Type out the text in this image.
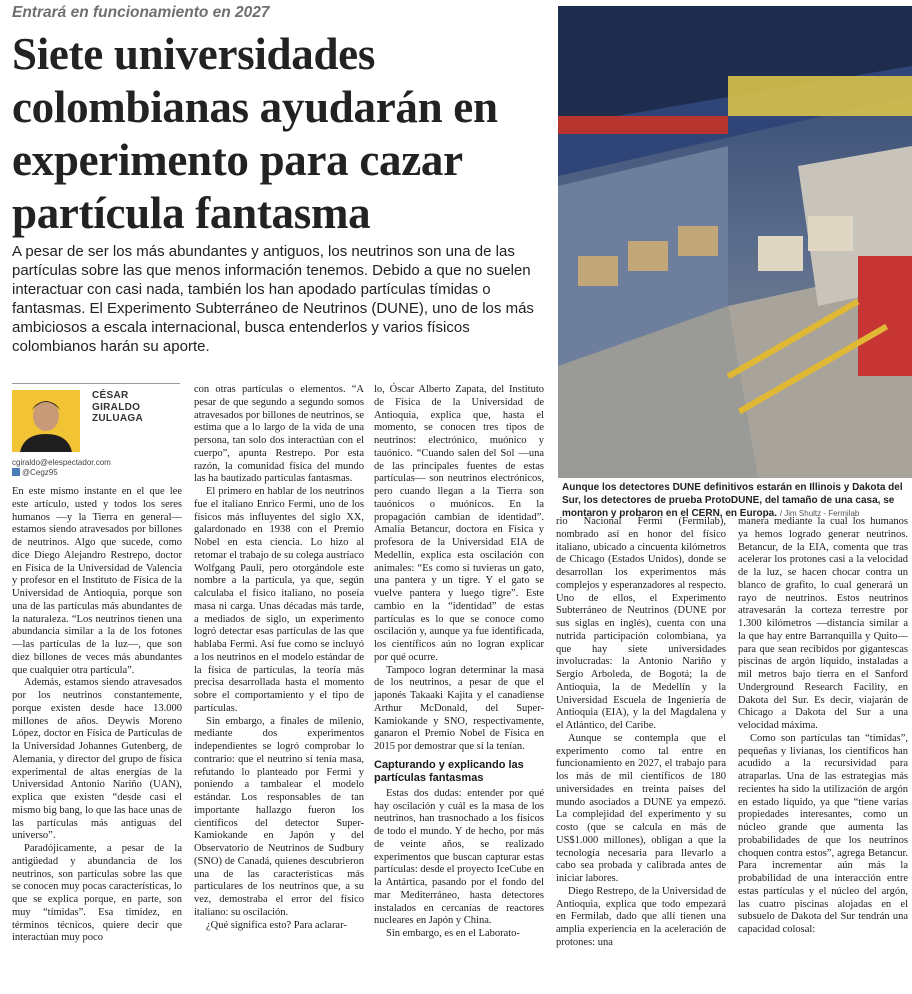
Entrará en funcionamiento en 2027
Siete universidades colombianas ayudarán en experimento para cazar partícula fantasma

A pesar de ser los más abundantes y antiguos, los neutrinos son una de las partículas sobre las que menos información tenemos. Debido a que no suelen interactuar con casi nada, también los han apodado partículas tímidas o fantasmas. El Experimento Subterráneo de Neutrinos (DUNE), uno de los más ambiciosos a escala internacional, busca entenderlos y varios físicos colombianos harán su aporte.

Aunque los detectores DUNE definitivos estarán en Illinois y Dakota del Sur, los detectores de prueba ProtoDUNE, del tamaño de una casa, se montaron y probaron en el CERN, en Europa. / Jim Shultz - Fermilab

CÉSAR GIRALDO ZULUAGA

cgiraldo@elespectador.com
@Cegz95

En este mismo instante en el que lee este artículo, usted y todos los seres humanos —y la Tierra en general— estamos siendo atravesados por billones de neutrinos. Algo que sucede, como dice Diego Alejandro Restrepo, doctor en Física de la Universidad de Valencia y profesor en el Instituto de Física de la Universidad de Antioquia, porque son una de las partículas más abundantes de la naturaleza. “Los neutrinos tienen una abundancia similar a la de los fotones —las partículas de la luz—, que son diez billones de veces más abundantes que cualquier otra partícula”.

Además, estamos siendo atravesados por los neutrinos constantemente, porque existen desde hace 13.000 millones de años. Deywis Moreno López, doctor en Física de Partículas de la Universidad Johannes Gutenberg, de Alemania, y director del grupo de física experimental de altas energías de la Universidad Antonio Nariño (UAN), explica que existen “desde casi el mismo big bang, lo que las hace unas de las partículas más antiguas del universo”.

Paradójicamente, a pesar de la antigüedad y abundancia de los neutrinos, son partículas sobre las que se conocen muy pocas características, lo que se explica porque, en parte, son muy “tímidas”. Esa timidez, en términos técnicos, quiere decir que interactúan muy poco

con otras partículas o elementos. “A pesar de que segundo a segundo somos atravesados por billones de neutrinos, se estima que a lo largo de la vida de una persona, tan solo dos interactúan con el cuerpo”, apunta Restrepo. Por esta razón, la comunidad física del mundo las ha bautizado partículas fantasmas.

El primero en hablar de los neutrinos fue el italiano Enrico Fermi, uno de los físicos más influyentes del siglo XX, galardonado en 1938 con el Premio Nobel en esta ciencia. Lo hizo al retomar el trabajo de su colega austríaco Wolfgang Pauli, pero otorgándole este nombre a la partícula, ya que, según calculaba el físico italiano, no poseía masa ni carga. Unas décadas más tarde, a mediados de siglo, un experimento logró detectar esas partículas de las que hablaba Fermi. Así fue como se incluyó a los neutrinos en el modelo estándar de la física de partículas, la teoría más precisa desarrollada hasta el momento sobre el comportamiento y el tipo de partículas.

Sin embargo, a finales de milenio, mediante dos experimentos independientes se logró comprobar lo contrario: que el neutrino sí tenía masa, refutando lo planteado por Fermi y poniendo a tambalear el modelo estándar. Los responsables de tan importante hallazgo fueron los científicos del detector Super-Kamiokande en Japón y del Observatorio de Neutrinos de Sudbury (SNO) de Canadá, quienes descubrieron una de las características más particulares de los neutrinos que, a su vez, demostraba el error del físico italiano: su oscilación.

¿Qué significa esto? Para aclarar-

lo, Óscar Alberto Zapata, del Instituto de Física de la Universidad de Antioquia, explica que, hasta el momento, se conocen tres tipos de neutrinos: electrónico, muónico y tauónico. “Cuando salen del Sol —una de las principales fuentes de estas partículas— son neutrinos electrónicos, pero cuando llegan a la Tierra son tauónicos o muónicos. En la propagación cambian de identidad”. Amalia Betancur, doctora en Física y profesora de la Universidad EIA de Medellín, explica esta oscilación con animales: “Es como si tuvieras un gato, una pantera y un tigre. Y el gato se vuelve pantera y luego tigre”. Este cambio en la “identidad” de estas partículas es lo que se conoce como oscilación y, aunque ya fue identificada, los científicos aún no logran explicar por qué ocurre.

Tampoco logran determinar la masa de los neutrinos, a pesar de que el japonés Takaaki Kajita y el canadiense Arthur McDonald, del Super-Kamiokande y SNO, respectivamente, ganaron el Premio Nobel de Física en 2015 por demostrar que sí la tenían.

Capturando y explicando las partículas fantasmas

Estas dos dudas: entender por qué hay oscilación y cuál es la masa de los neutrinos, han trasnochado a los físicos de todo el mundo. Y de hecho, por más de veinte años, se realizado experimentos que buscan capturar estas partículas: desde el proyecto IceCube en la Antártica, pasando por el fondo del mar Mediterráneo, hasta detectores instalados en cercanías de reactores nucleares en Japón y China.

Sin embargo, es en el Laborato-

rio Nacional Fermi (Fermilab), nombrado así en honor del físico italiano, ubicado a cincuenta kilómetros de Chicago (Estados Unidos), donde se desarrollan los experimentos más complejos y esperanzadores al respecto. Uno de ellos, el Experimento Subterráneo de Neutrinos (DUNE por sus siglas en inglés), cuenta con una nutrida participación colombiana, ya que hay siete universidades involucradas: la Antonio Nariño y Sergio Arboleda, de Bogotá; la de Antioquia, la de Medellín y la Universidad Escuela de Ingeniería de Antioquia (EIA), y la del Magdalena y el Atlántico, del Caribe.

Aunque se contempla que el experimento como tal entre en funcionamiento en 2027, el trabajo para los más de mil científicos de 180 universidades en treinta países del mundo asociados a DUNE ya empezó. La complejidad del experimento y su costo (que se calcula en más de US$1.000 millones), obligan a que la tecnología necesaria para llevarlo a cabo sea probada y calibrada antes de iniciar labores.

Diego Restrepo, de la Universidad de Antioquia, explica que todo empezará en Fermilab, dado que allí tienen una amplia experiencia en la aceleración de protones: una

manera mediante la cual los humanos ya hemos logrado generar neutrinos. Betancur, de la EIA, comenta que tras acelerar los protones casi a la velocidad de la luz, se hacen chocar contra un blanco de grafito, lo cual generará un rayo de neutrinos. Estos neutrinos atravesarán la corteza terrestre por 1.300 kilómetros —distancia similar a la que hay entre Barranquilla y Quito— para que sean recibidos por gigantescas piscinas de argón líquido, instaladas a mil metros bajo tierra en el Sanford Underground Research Facility, en Dakota del Sur. Es decir, viajarán de Chicago a Dakota del Sur a una velocidad máxima.

Como son partículas tan “tímidas”, pequeñas y livianas, los científicos han acudido a la recursividad para atraparlas. Una de las estrategias más recientes ha sido la utilización de argón en estado líquido, ya que “tiene varias propiedades interesantes, como un núcleo grande que aumenta las probabilidades de que los neutrinos choquen contra estos”, agrega Betancur. Para incrementar aún más la probabilidad de una interacción entre estas partículas y el núcleo del argón, las cuatro piscinas alojadas en el subsuelo de Dakota del Sur tendrán una capacidad colosal:
